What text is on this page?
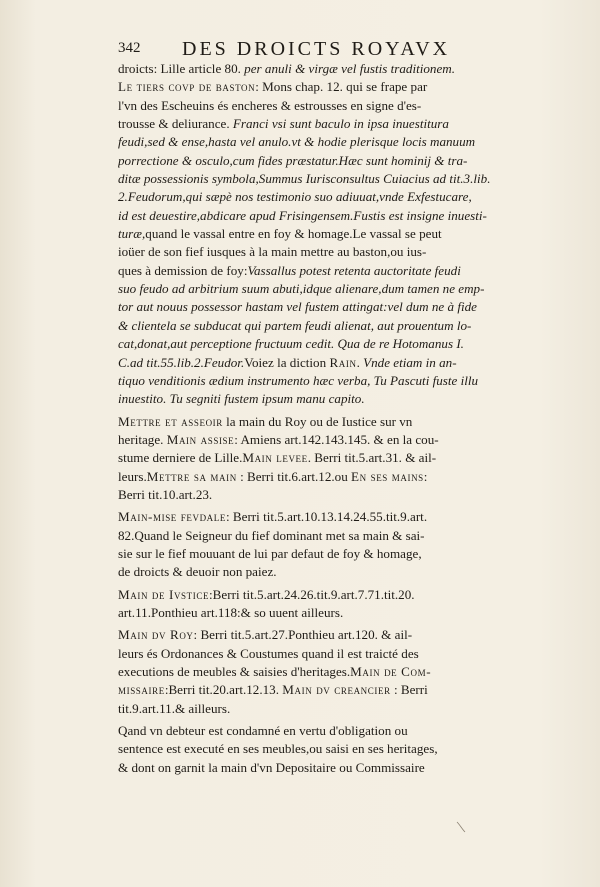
342 DES DROICTS ROYAVX
droicts: Lille article 80. per anuli & virgæ vel fustis traditionem.
Le tiers covp de baston: Mons chap. 12. qui se frape par
l'vn des Escheuins és encheres & estrousses en signe d'es-
trousse & deliurance. Franci vsi sunt baculo in ipsa inuestitura
feudi,sed & ense,hasta vel anulo.vt & hodie plerisque locis manuum
porrectione & osculo,cum fides præstatur.Hæc sunt hominij & tra-
ditæ possessionis symbola,Summus Iurisconsultus Cuiacius ad tit.3.lib.
2.Feudorum,qui sæpè nos testimonio suo adiuuat,vnde Exfestucare,
id est deuestire,abdicare apud Frisingensem.Fustis est insigne inuesti-
turæ,quand le vassal entre en foy & homage.Le vassal se peut
ioüer de son fief iusques à la main mettre au baston,ou ius-
ques à demission de foy:Vassallus potest retenta auctoritate feudi
suo feudo ad arbitrium suum abuti,idque alienare,dum tamen ne emp-
tor aut nouus possessor hastam vel fustem attingat:vel dum ne à fide
& clientela se subducat qui partem feudi alienat, aut prouentum lo-
cat,donat,aut perceptione fructuum cedit. Qua de re Hotomanus I.
C.ad tit.55.lib.2.Feudor.Voiez la diction Rain. Vnde etiam in an-
tiquo venditionis ædium instrumento hæc verba, Tu Pascuti fuste illu
inuestito. Tu segniti fustem ipsum manu capito.
Mettre et asseoir la main du Roy ou de Iustice sur vn
heritage. Main assise: Amiens art.142.143.145. & en la cou-
stume derniere de Lille.Main levee. Berri tit.5.art.31. & ail-
leurs.Mettre sa main : Berri tit.6.art.12.ou En ses mains:
Berri tit.10.art.23.
Main-mise fevdale: Berri tit.5.art.10.13.14.24.55.tit.9.art.
82.Quand le Seigneur du fief dominant met sa main & sai-
sie sur le fief mouuant de lui par defaut de foy & homage,
de droicts & deuoir non paiez.
Main de Ivstice:Berri tit.5.art.24.26.tit.9.art.7.71.tit.20.
art.11.Ponthieu art.118:& so uuent ailleurs.
Main dv Roy: Berri tit.5.art.27.Ponthieu art.120. & ail-
leurs és Ordonances & Coustumes quand il est traicté des
executions de meubles & saisies d'heritages.Main de Com-
missaire:Berri tit.20.art.12.13. Main dv creancier : Berri
tit.9.art.11.& ailleurs.
Qand vn debteur est condamné en vertu d'obligation ou
sentence est executé en ses meubles,ou saisi en ses heritages,
& dont on garnit la main d'vn Depositaire ou Commissaire
